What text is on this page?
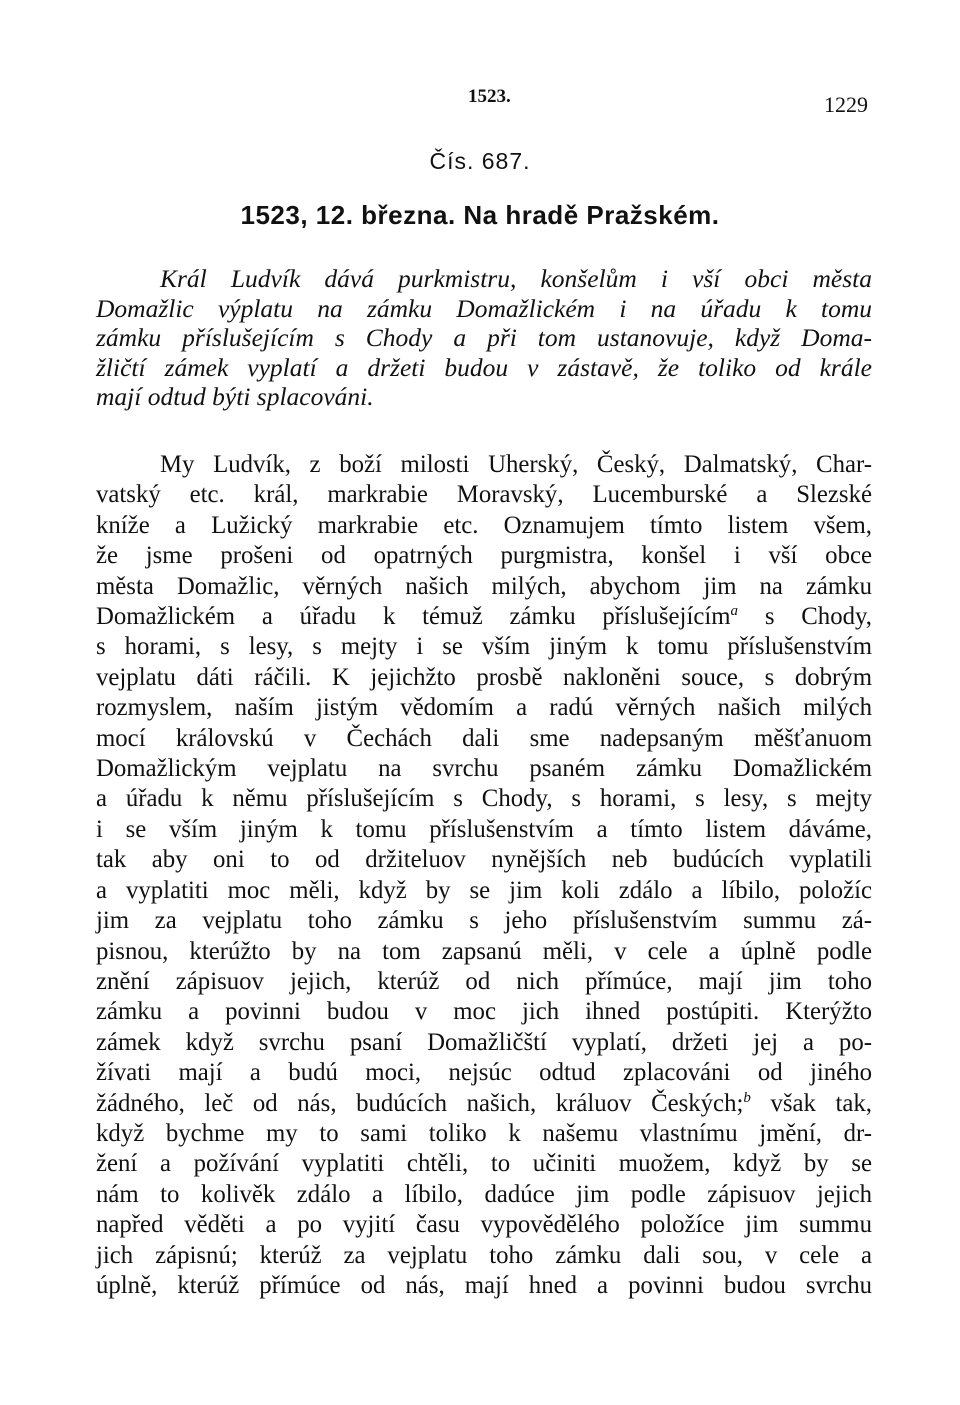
1523.	1229
Čís. 687.
1523, 12. března. Na hradě Pražském.

Král Ludvík dává purkmistru, konšelům i vší obci města
Domažlic výplatu na zámku Domažlickém i na úřadu k tomu
zámku příslušejícím s Chody a při tom ustanovuje, když Doma-
žličtí zámek vyplatí a držeti budou v zástavě, že toliko od krále
mají odtud býti splacováni.

My Ludvík, z boží milosti Uherský, Český, Dalmatský, Char-
vatský etc. král, markrabie Moravský, Lucemburské a Slezské
kníže a Lužický markrabie etc. Oznamujem tímto listem všem,
že jsme prošeni od opatrných purgmistra, konšel i vší obce
města Domažlic, věrných našich milých, abychom jim na zámku
Domažlickém a úřadu k témuž zámku příslušejícím$^a$ s Chody,
s horami, s lesy, s mejty i se vším jiným k tomu příslušenstvím
vejplatu dáti ráčili. K jejichžto prosbě nakloněni souce, s dobrým
rozmyslem, naším jistým vědomím a radú věrných našich milých
mocí královskú v Čechách dali sme nadepsaným měšťanuom
Domažlickým vejplatu na svrchu psaném zámku Domažlickém
a úřadu k němu příslušejícím s Chody, s horami, s lesy, s mejty
i se vším jiným k tomu příslušenstvím a tímto listem dáváme,
tak aby oni to od držiteluov nynějších neb budúcích vyplatili
a vyplatiti moc měli, když by se jim koli zdálo a líbilo, položíc
jim za vejplatu toho zámku s jeho příslušenstvím summu zá-
pisnou, kterúžto by na tom zapsanú měli, v cele a úplně podle
znění zápisuov jejich, kterúž od nich přímúce, mají jim toho
zámku a povinni budou v moc jich ihned postúpiti. Kterýžto
zámek když svrchu psaní Domažličští vyplatí, držeti jej a po-
žívati mají a budú moci, nejsúc odtud zplacováni od jiného
žádného, leč od nás, budúcích našich, králuov Českých;$^b$ však tak,
když bychme my to sami toliko k našemu vlastnímu jmění, dr-
žení a požívání vyplatiti chtěli, to učiniti muožem, když by se
nám to kolivěk zdálo a líbilo, dadúce jim podle zápisuov jejich
napřed věděti a po vyjití času vypovědělého položíce jim summu
jich zápisnú; kterúž za vejplatu toho zámku dali sou, v cele a
úplně, kterúž přímúce od nás, mají hned a povinni budou svrchu
